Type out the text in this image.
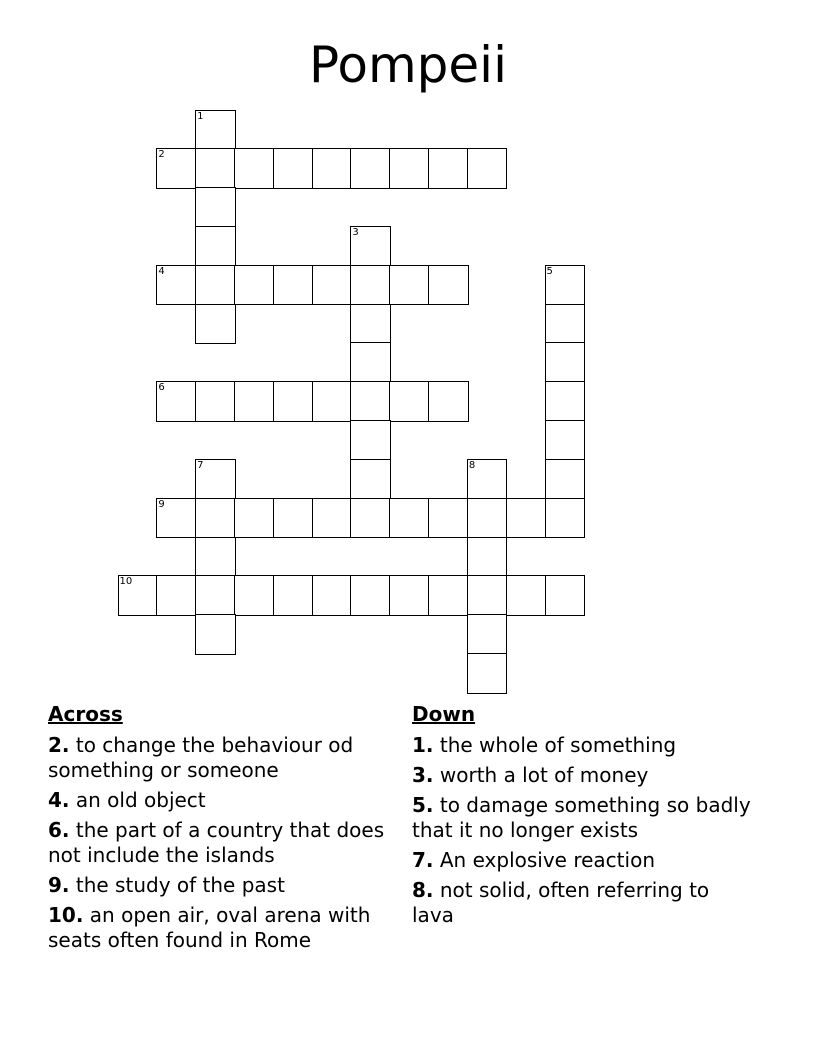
Pompeii
1
2
3
4	5
6
7	8
9
10
Across
2. to change the behaviour od something or someone
4. an old object
6. the part of a country that does not include the islands
9. the study of the past
10. an open air, oval arena with seats often found in Rome
Down
1. the whole of something
3. worth a lot of money
5. to damage something so badly that it no longer exists
7. An explosive reaction
8. not solid, often referring to lava
